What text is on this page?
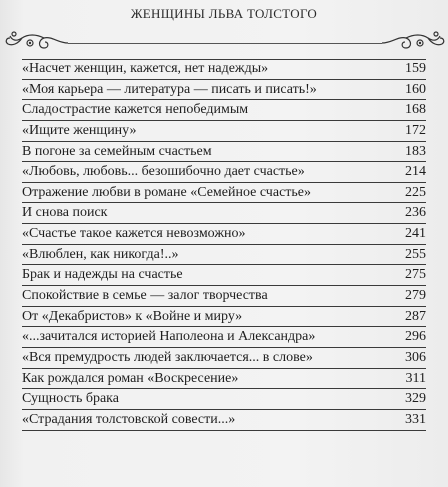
ЖЕНЩИНЫ ЛЬВА ТОЛСТОГО
«Насчет женщин, кажется, нет надежды»	159
«Моя карьера — литература — писать и писать!»	160
Сладострастие кажется непобедимым	168
«Ищите женщину»	172
В погоне за семейным счастьем	183
«Любовь, любовь... безошибочно дает счастье»	214
Отражение любви в романе «Семейное счастье»	225
И снова поиск	236
«Счастье такое кажется невозможно»	241
«Влюблен, как никогда!..»	255
Брак и надежды на счастье	275
Спокойствие в семье — залог творчества	279
От «Декабристов» к «Войне и миру»	287
«...зачитался историей Наполеона и Александра»	296
«Вся премудрость людей заключается... в слове»	306
Как рождался роман «Воскресение»	311
Сущность брака	329
«Страдания толстовской совести...»	331
